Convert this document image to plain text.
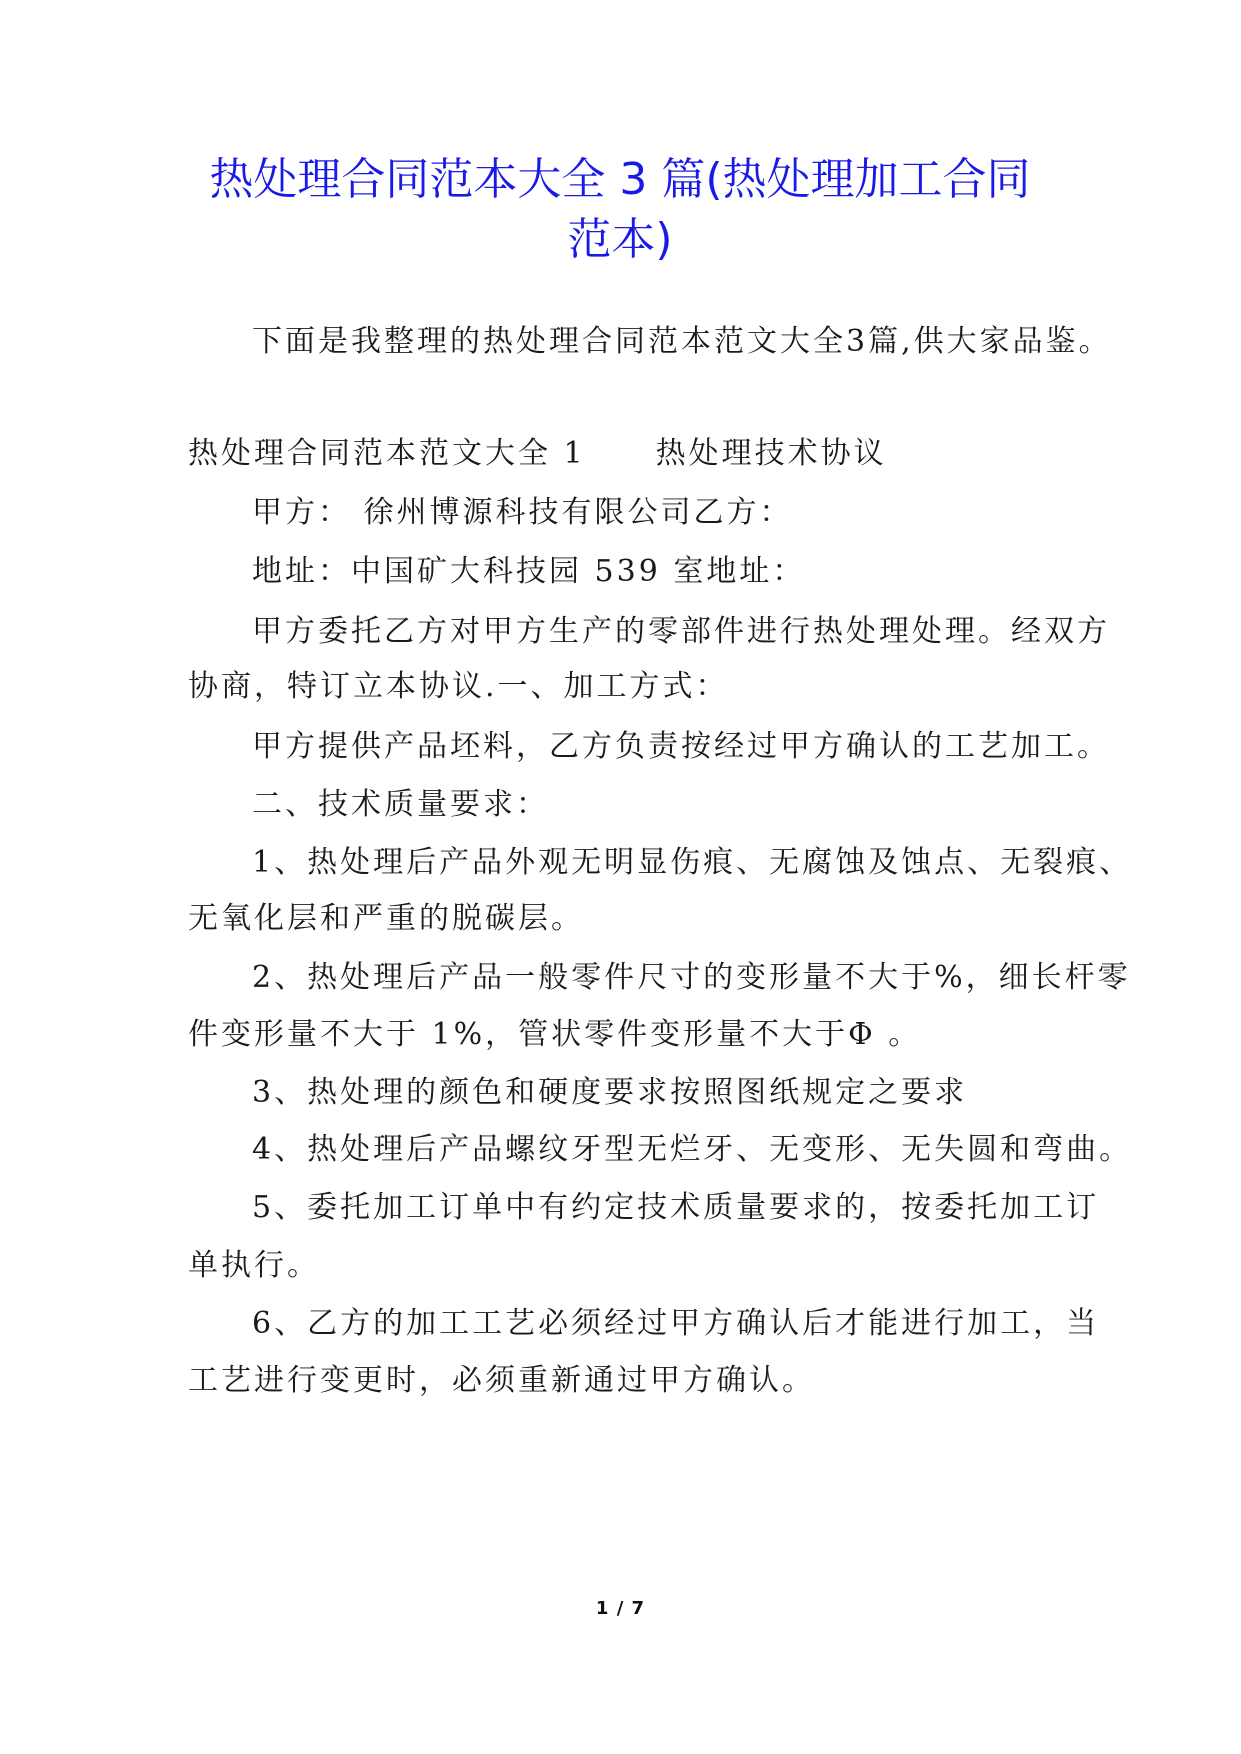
热处理合同范本大全 3 篇(热处理加工合同
范本)
下面是我整理的热处理合同范本范文大全3篇,供大家品鉴。
热处理合同范本范文大全 1 热处理技术协议
甲方： 徐州博源科技有限公司乙方：
地址：中国矿大科技园 539 室地址：
甲方委托乙方对甲方生产的零部件进行热处理处理。经双方
协商，特订立本协议.一、加工方式：
甲方提供产品坯料，乙方负责按经过甲方确认的工艺加工。
二、技术质量要求：
1、热处理后产品外观无明显伤痕、无腐蚀及蚀点、无裂痕、
无氧化层和严重的脱碳层。
2、热处理后产品一般零件尺寸的变形量不大于%，细长杆零
件变形量不大于 1%，管状零件变形量不大于Φ 。
3、热处理的颜色和硬度要求按照图纸规定之要求
4、热处理后产品螺纹牙型无烂牙、无变形、无失圆和弯曲。
5、委托加工订单中有约定技术质量要求的，按委托加工订
单执行。
6、乙方的加工工艺必须经过甲方确认后才能进行加工，当
工艺进行变更时，必须重新通过甲方确认。
1 / 7
